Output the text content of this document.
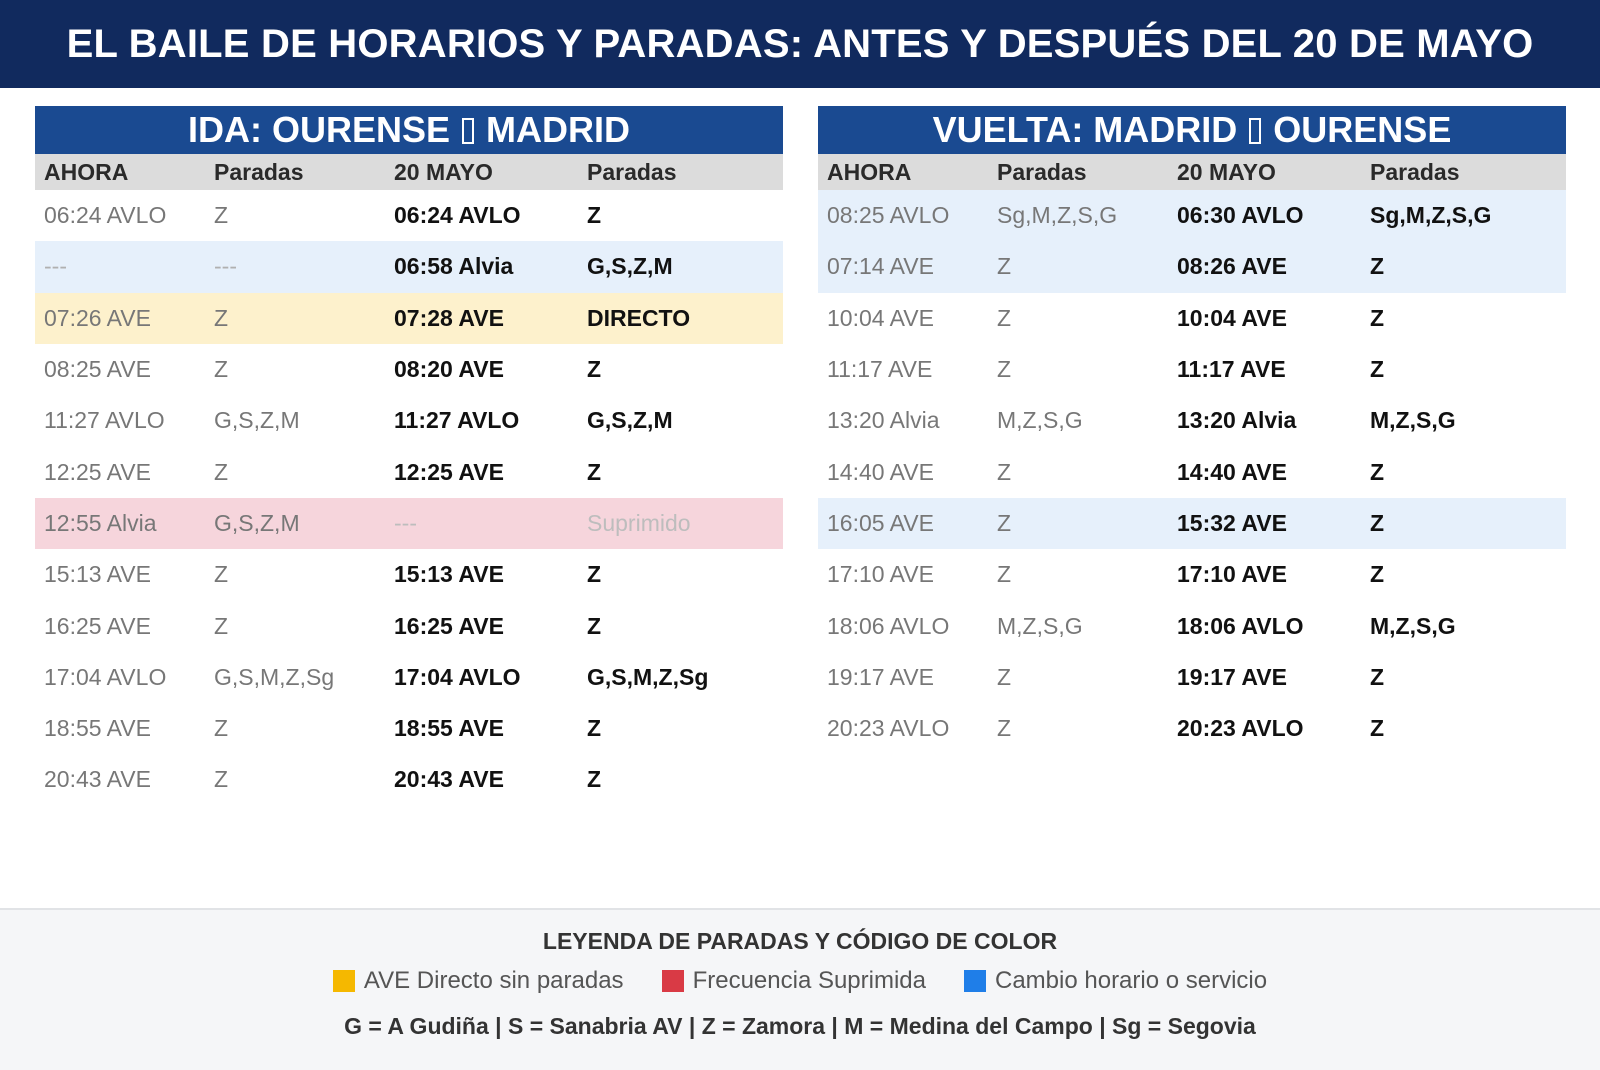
EL BAILE DE HORARIOS Y PARADAS: ANTES Y DESPUÉS DEL 20 DE MAYO
IDA: OURENSE MADRID
AHORA	Paradas	20 MAYO	Paradas
06:24 AVLO	Z	06:24 AVLO	Z
---	---	06:58 Alvia	G,S,Z,M
07:26 AVE	Z	07:28 AVE	DIRECTO
08:25 AVE	Z	08:20 AVE	Z
11:27 AVLO	G,S,Z,M	11:27 AVLO	G,S,Z,M
12:25 AVE	Z	12:25 AVE	Z
12:55 Alvia	G,S,Z,M	---	Suprimido
15:13 AVE	Z	15:13 AVE	Z
16:25 AVE	Z	16:25 AVE	Z
17:04 AVLO	G,S,M,Z,Sg	17:04 AVLO	G,S,M,Z,Sg
18:55 AVE	Z	18:55 AVE	Z
20:43 AVE	Z	20:43 AVE	Z
VUELTA: MADRID OURENSE
AHORA	Paradas	20 MAYO	Paradas
08:25 AVLO	Sg,M,Z,S,G	06:30 AVLO	Sg,M,Z,S,G
07:14 AVE	Z	08:26 AVE	Z
10:04 AVE	Z	10:04 AVE	Z
11:17 AVE	Z	11:17 AVE	Z
13:20 Alvia	M,Z,S,G	13:20 Alvia	M,Z,S,G
14:40 AVE	Z	14:40 AVE	Z
16:05 AVE	Z	15:32 AVE	Z
17:10 AVE	Z	17:10 AVE	Z
18:06 AVLO	M,Z,S,G	18:06 AVLO	M,Z,S,G
19:17 AVE	Z	19:17 AVE	Z
20:23 AVLO	Z	20:23 AVLO	Z
LEYENDA DE PARADAS Y CÓDIGO DE COLOR
AVE Directo sin paradas	Frecuencia Suprimida	Cambio horario o servicio
G = A Gudiña | S = Sanabria AV | Z = Zamora | M = Medina del Campo | Sg = Segovia
